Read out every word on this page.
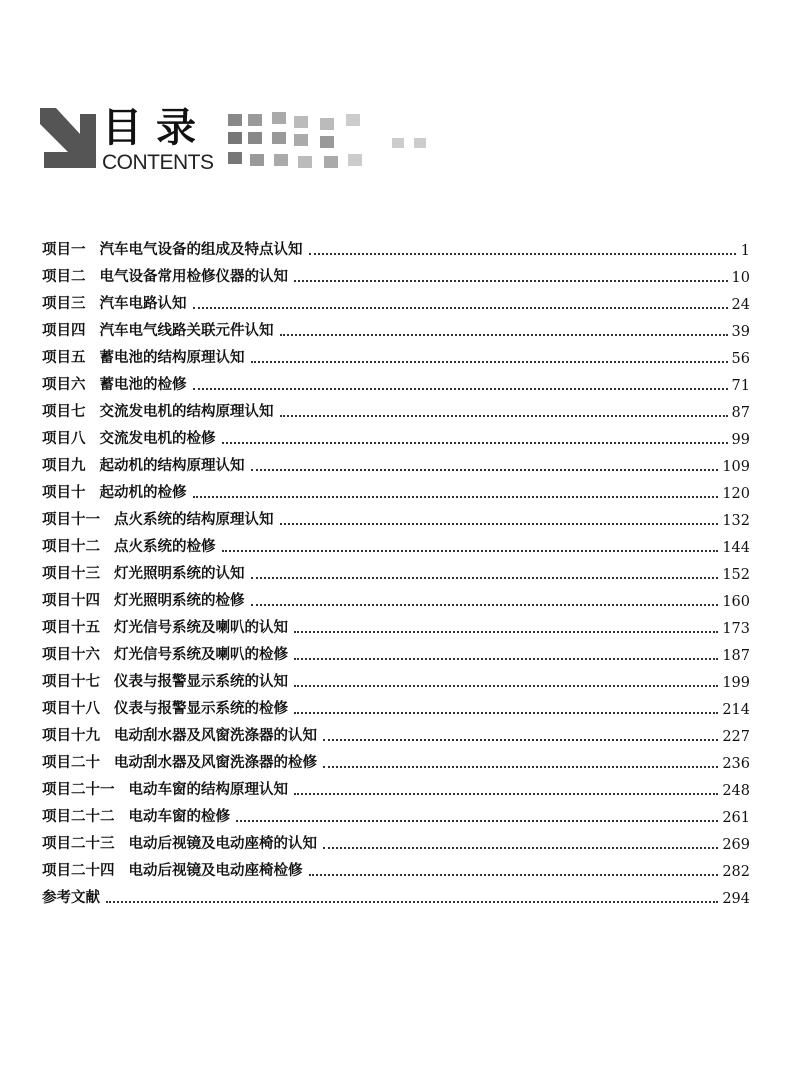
目录
CONTENTS
项目一 汽车电气设备的组成及特点认知	1
项目二 电气设备常用检修仪器的认知	10
项目三 汽车电路认知	24
项目四 汽车电气线路关联元件认知	39
项目五 蓄电池的结构原理认知	56
项目六 蓄电池的检修	71
项目七 交流发电机的结构原理认知	87
项目八 交流发电机的检修	99
项目九 起动机的结构原理认知	109
项目十 起动机的检修	120
项目十一 点火系统的结构原理认知	132
项目十二 点火系统的检修	144
项目十三 灯光照明系统的认知	152
项目十四 灯光照明系统的检修	160
项目十五 灯光信号系统及喇叭的认知	173
项目十六 灯光信号系统及喇叭的检修	187
项目十七 仪表与报警显示系统的认知	199
项目十八 仪表与报警显示系统的检修	214
项目十九 电动刮水器及风窗洗涤器的认知	227
项目二十 电动刮水器及风窗洗涤器的检修	236
项目二十一 电动车窗的结构原理认知	248
项目二十二 电动车窗的检修	261
项目二十三 电动后视镜及电动座椅的认知	269
项目二十四 电动后视镜及电动座椅检修	282
参考文献	294
